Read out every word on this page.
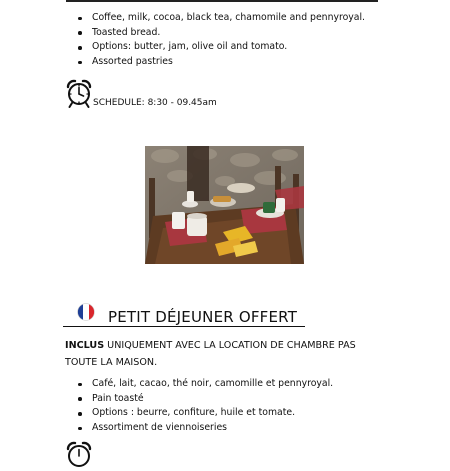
Coffee, milk, cocoa, black tea, chamomile and pennyroyal.
Toasted bread.
Options: butter, jam, olive oil and tomato.
Assorted pastries
SCHEDULE: 8:30 - 09.45am
PETIT DÉJEUNER OFFERT
INCLUS UNIQUEMENT AVEC LA LOCATION DE CHAMBRE PAS TOUTE LA MAISON.
Café, lait, cacao, thé noir, camomille et pennyroyal.
Pain toasté
Options : beurre, confiture, huile et tomate.
Assortiment de viennoiseries
